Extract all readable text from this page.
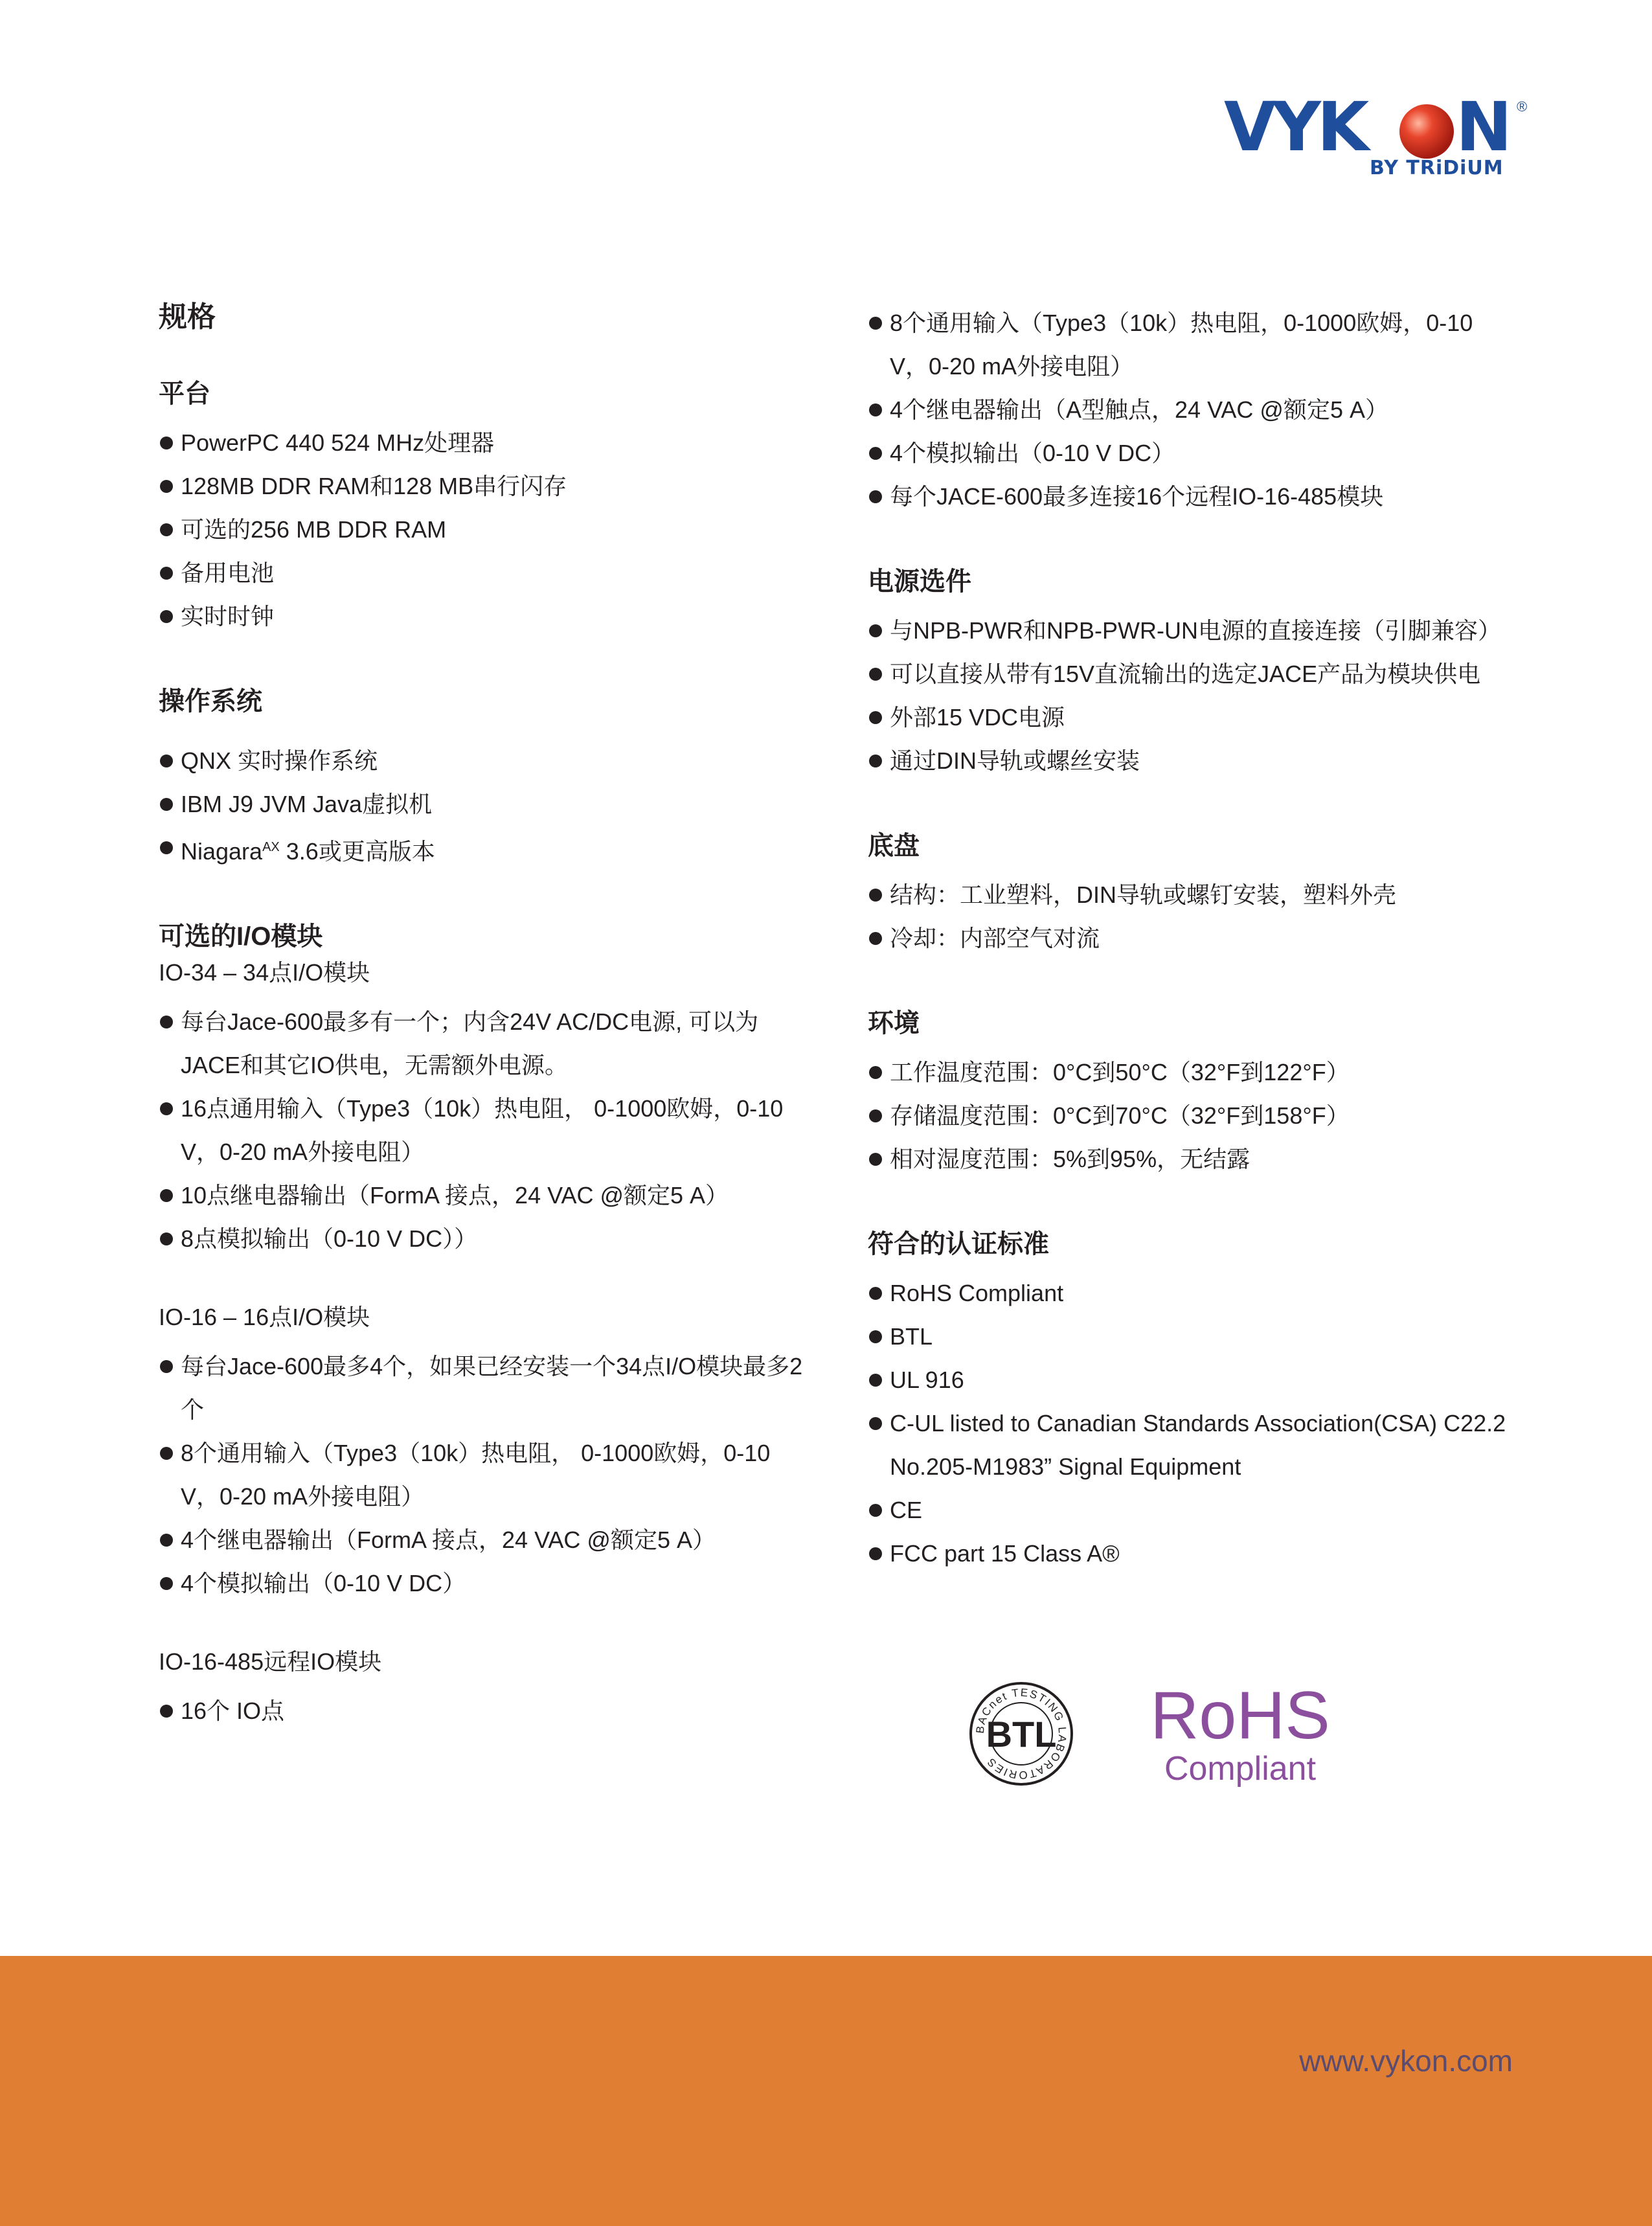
VYK N ®
BY TRiDiUM
规格
平台
PowerPC 440 524 MHz处理器
128MB DDR RAM和128 MB串行闪存
可选的256 MB DDR RAM
备用电池
实时时钟
操作系统
QNX 实时操作系统
IBM J9 JVM Java虚拟机
Niagara$^{AX}$ 3.6或更高版本
可选的I/O模块
IO-34 – 34点I/O模块
每台Jace-600最多有一个；内含24V AC/DC电源, 可以为JACE和其它IO供电，无需额外电源。
16点通用输入（Type3（10k）热电阻， 0-1000欧姆，0-10 V，0-20 mA外接电阻）
10点继电器输出（FormA 接点，24 VAC @额定5 A）
8点模拟输出（0-10 V DC））
IO-16 – 16点I/O模块
每台Jace-600最多4个，如果已经安装一个34点I/O模块最多2个
8个通用输入（Type3（10k）热电阻， 0-1000欧姆，0-10 V，0-20 mA外接电阻）
4个继电器输出（FormA 接点，24 VAC @额定5 A）
4个模拟输出（0-10 V DC）
IO-16-485远程IO模块
16个 IO点
8个通用输入（Type3（10k）热电阻，0-1000欧姆，0-10 V，0-20 mA外接电阻）
4个继电器输出（A型触点，24 VAC @额定5 A）
4个模拟输出（0-10 V DC）
每个JACE-600最多连接16个远程IO-16-485模块
电源选件
与NPB-PWR和NPB-PWR-UN电源的直接连接（引脚兼容）
可以直接从带有15V直流输出的选定JACE产品为模块供电
外部15 VDC电源
通过DIN导轨或螺丝安装
底盘
结构：工业塑料，DIN导轨或螺钉安装，塑料外壳
冷却：内部空气对流
环境
工作温度范围：0°C到50°C（32°F到122°F）
存储温度范围：0°C到70°C（32°F到158°F）
相对湿度范围：5%到95%，无结露
符合的认证标准
RoHS Compliant
BTL
UL 916
C-UL listed to Canadian Standards Association(CSA) C22.2 No.205-M1983” Signal Equipment
CE
FCC part 15 Class A®
BACnet TESTING LABORATORIES
BTL RoHS
Compliant
www.vykon.com
